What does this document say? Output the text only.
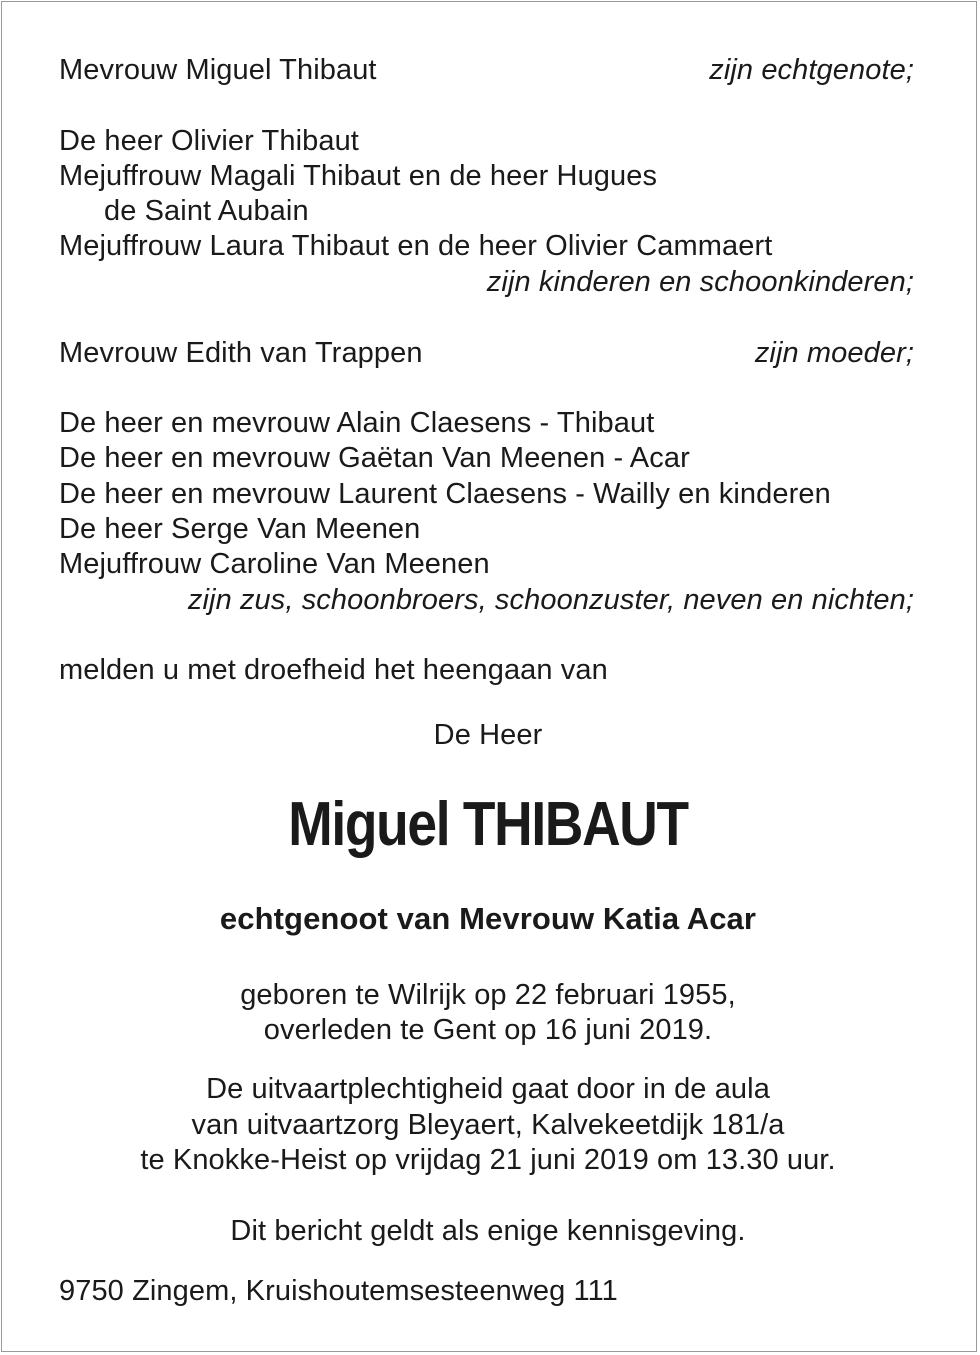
Mevrouw Miguel Thibaut	zijn echtgenote;
De heer Olivier Thibaut
Mejuffrouw Magali Thibaut en de heer Hugues
de Saint Aubain
Mejuffrouw Laura Thibaut en de heer Olivier Cammaert
zijn kinderen en schoonkinderen;
Mevrouw Edith van Trappen	zijn moeder;
De heer en mevrouw Alain Claesens - Thibaut
De heer en mevrouw Gaëtan Van Meenen - Acar
De heer en mevrouw Laurent Claesens - Wailly en kinderen
De heer Serge Van Meenen
Mejuffrouw Caroline Van Meenen
zijn zus, schoonbroers, schoonzuster, neven en nichten;
melden u met droefheid het heengaan van
De Heer
Miguel THIBAUT
echtgenoot van Mevrouw Katia Acar
geboren te Wilrijk op 22 februari 1955,
overleden te Gent op 16 juni 2019.
De uitvaartplechtigheid gaat door in de aula
van uitvaartzorg Bleyaert, Kalvekeetdijk 181/a
te Knokke-Heist op vrijdag 21 juni 2019 om 13.30 uur.
Dit bericht geldt als enige kennisgeving.
9750 Zingem, Kruishoutemsesteenweg 111
